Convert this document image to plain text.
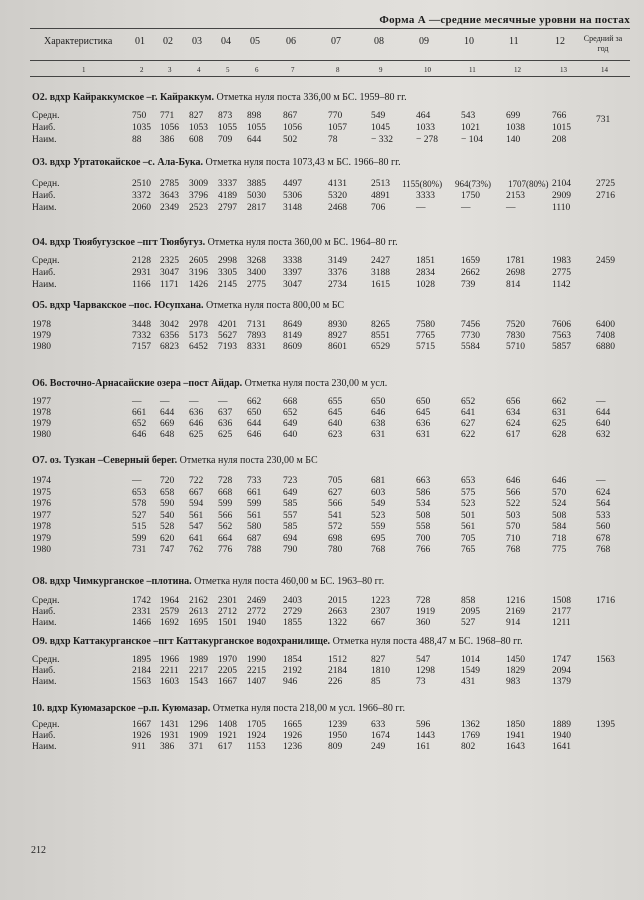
Форма А —средние месячные уровни на постах
Характеристика 01 02 03 04 05	06	07	08	09	10	11	12 Средний за год
1	2	3	4	5	6	7	8	9	10	11	12	13	14
О2. вдхр Кайраккумское –г. Кайраккум. Отметка нуля поста 336,00 м БС. 1959–80 гг.
Средн.	750 771 827 873 898 867	770	549	464	543	699	766	731
Наиб.	1035 1056 1053 1055 1055 1056	1057	1045	1033	1021	1038	1015
Наим.	88 386 608 709 644 502	78	− 332 − 278 − 104 140	208
О3. вдхр Уртатокайское –с. Ала-Бука. Отметка нуля поста 1073,43 м БС. 1966–80 гг.
Средн.	2510 2785 3009 3337 3885 4497	4131	2513 1155(80%) 964(73%) 1707(80%) 2104	2725
Наиб.	3372 3643 3796 4189 5030 5306	5320	4891	3333	1750	2153	2909	2716
Наим.	2060 2349 2523 2797 2817 3148	2468	706	—	—	—	1110
О4. вдхр Тюябугузское –пгт Тюябугуз. Отметка нуля поста 360,00 м БС. 1964–80 гг.
Средн.	2128 2325 2605 2998 3268 3338	3149	2427	1851	1659	1781	1983	2459
Наиб.	2931 3047 3196 3305 3400 3397	3376	3188	2834	2662	2698	2775
Наим.	1166 1171 1426 2145 2775 3047	2734	1615	1028	739	814	1142
О5. вдхр Чарвакское –пос. Юсупхана. Отметка нуля поста 800,00 м БС
1978	3448 3042 2978 4201 7131 8649	8930	8265	7580	7456	7520	7606	6400
1979	7332 6356 5173 5627 7893 8149	8927	8551	7765	7730	7830	7563	7408
1980	7157 6823 6452 7193 8331 8609	8601	6529	5715	5584	5710	5857	6880
О6. Восточно-Арнасайские озера –пост Айдар. Отметка нуля поста 230,00 м усл.
1977	— — — — 662 668	655	650	650	652	656	662	—
1978	661 644 636 637 650 652	645	646	645	641	634	631	644
1979	652 669 646 636 644 649	640	638	636	627	624	625	640
1980	646 648 625 625 646 640	623	631	631	622	617	628	632
О7. оз. Тузкан –Северный берег. Отметка нуля поста 230,00 м БС
1974	— 720 722 728 733 723	705	681	663	653	646	646	—
1975	653 658 667 668 661 649	627	603	586	575	566	570	624
1976	578 590 594 599 599 585	566	549	534	523	522	524	564
1977	527 540 561 566 561 557	541	523	508	501	503	508	533
1978	515 528 547 562 580 585	572	559	558	561	570	584	560
1979	599 620 641 664 687 694	698	695	700	705	710	718	678
1980	731 747 762 776 788 790	780	768	766	765	768	775	768
О8. вдхр Чимкурганское –плотина. Отметка нуля поста 460,00 м БС. 1963–80 гг.
Средн.	1742 1964 2162 2301 2469 2403	2015	1223	728	858	1216	1508	1716
Наиб.	2331 2579 2613 2712 2772 2729	2663	2307	1919	2095	2169	2177
Наим.	1466 1692 1695 1501 1940 1855	1322	667	360	527	914	1211
О9. вдхр Каттакурганское –пгт Каттакурганское водохранилище. Отметка нуля поста 488,47 м БС. 1968–80 гг.
Средн.	1895 1966 1989 1970 1990 1854	1512	827	547	1014	1450	1747	1563
Наиб.	2184 2211 2217 2205 2215 2192	2184	1810	1298	1549	1829	2094
Наим.	1563 1603 1543 1667 1407 946	226	85	73	431	983	1379
10. вдхр Куюмазарское –р.п. Куюмазар. Отметка нуля поста 218,00 м усл. 1966–80 гг.
Средн.	1667 1431 1296 1408 1705 1665	1239	633	596	1362	1850	1889	1395
Наиб.	1926 1931 1909 1921 1924 1926	1950	1674	1443	1769	1941	1940
Наим.	911 386 371 617 1153 1236	809	249	161	802	1643	1641
212
